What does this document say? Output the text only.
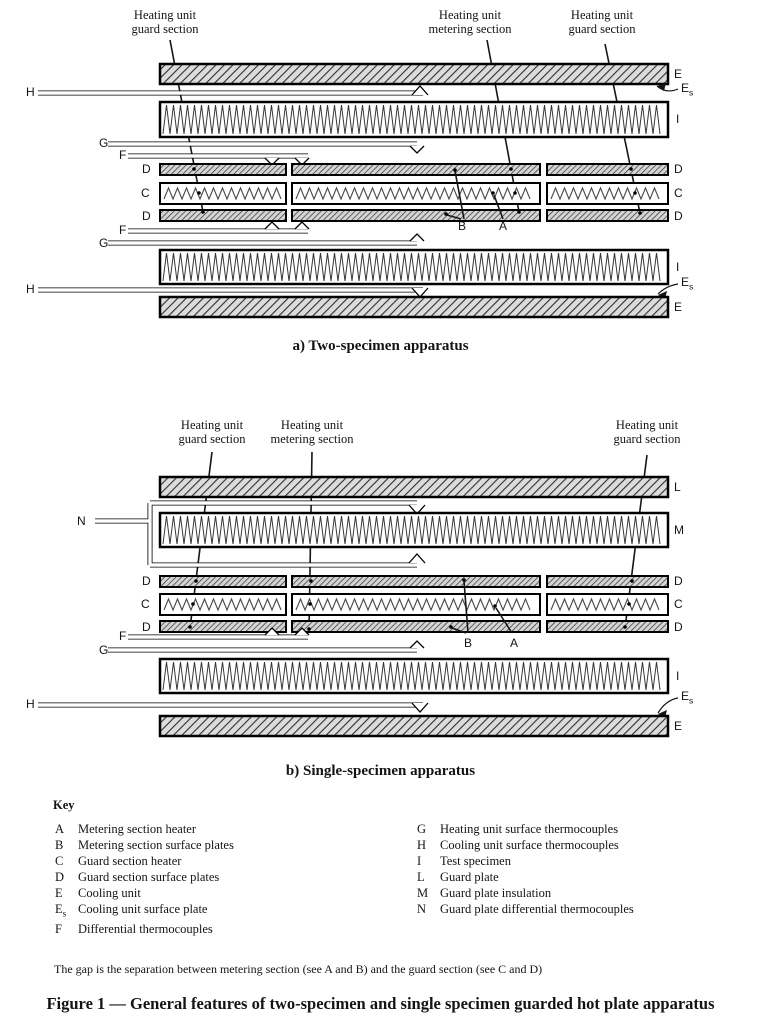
Heating unit
guard section
Heating unit
metering section
Heating unit
guard section
Heating unit
guard section
Heating unit
metering section
Heating unit
guard section
H
G
F
D
C
D
F
G
H
B	A
E
$E_s$
I
D
C
D
I
$E_s$
E
N
D
C
D
F
G
H
B	A
L
M
D
C
D
I
$E_s$
E
a) Two-specimen apparatus
b) Single-specimen apparatus
Key
A Metering section heater
B Metering section surface plates
C Guard section heater
D Guard section surface plates
E Cooling unit
$E_s$ Cooling unit surface plate
F Differential thermocouples
G Heating unit surface thermocouples
H Cooling unit surface thermocouples
I Test specimen
L Guard plate
M Guard plate insulation
N Guard plate differential thermocouples
The gap is the separation between metering section (see A and B) and the guard section (see C and D)
Figure 1 — General features of two-specimen and single specimen guarded hot plate apparatus
